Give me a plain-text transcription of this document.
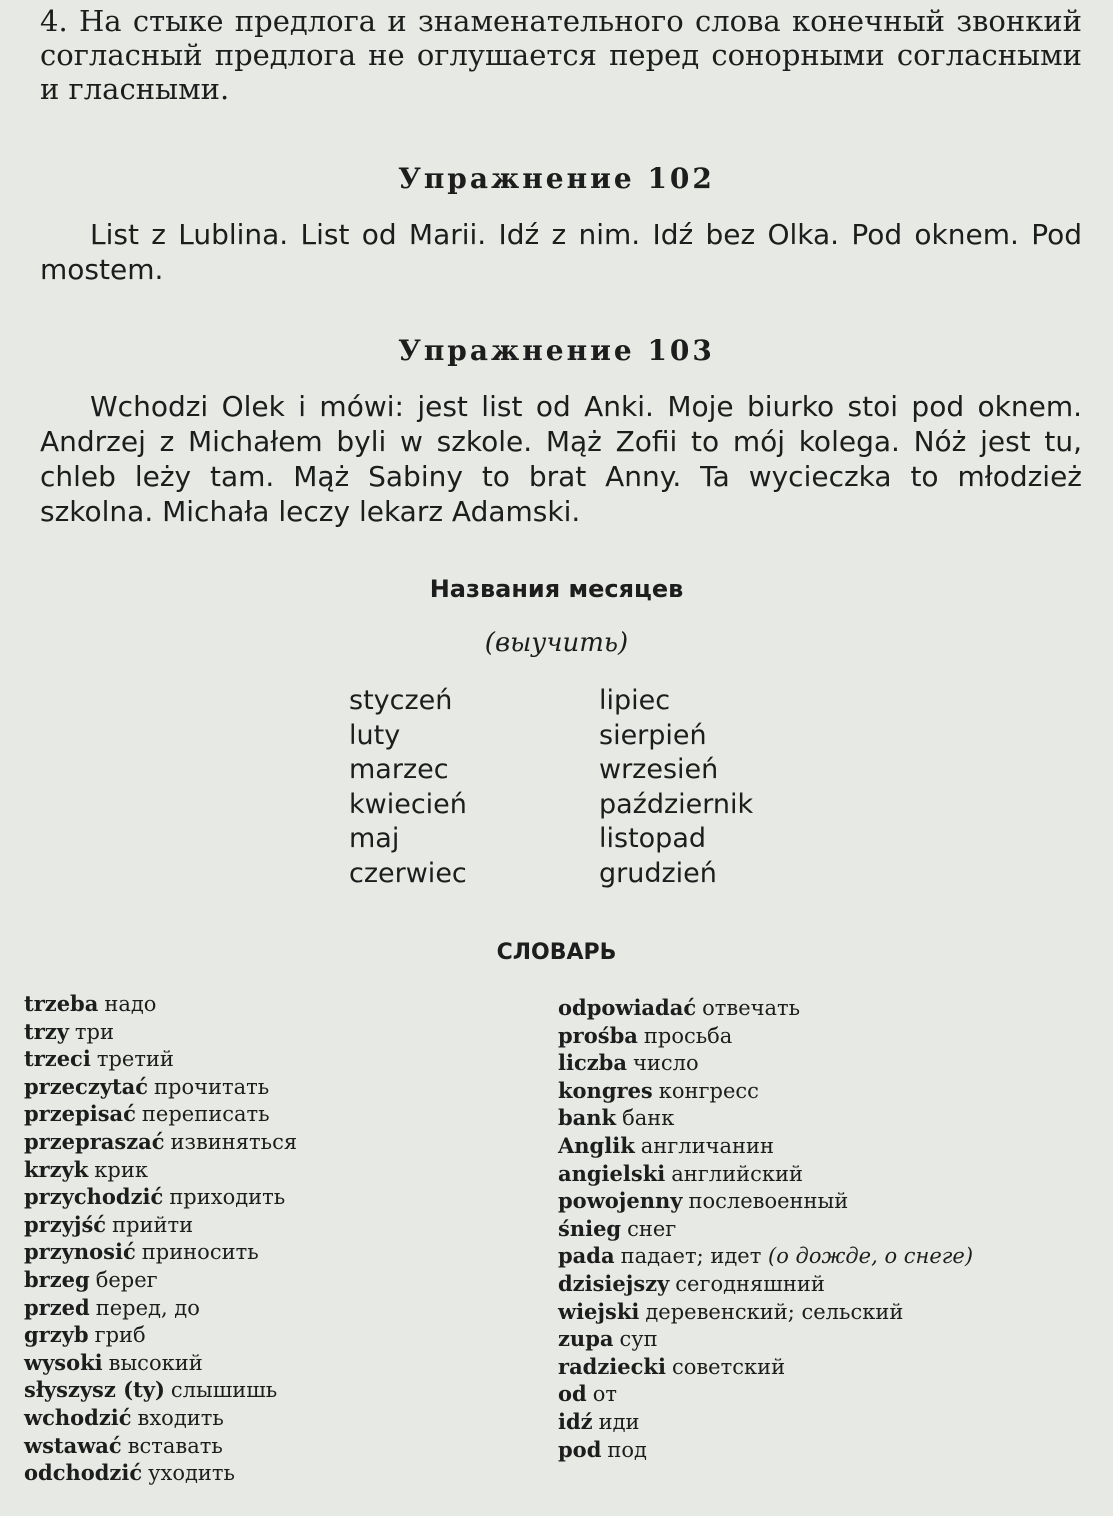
4. На стыке предлога и знаменательного слова конечный звонкий согласный предлога не оглушается перед сонорными согласными и гласными.

Упражнение 102

List z Lublina. List od Marii. Idź z nim. Idź bez Olka. Pod oknem. Pod mostem.

Упражнение 103

Wchodzi Olek i mówi: jest list od Anki. Moje biurko stoi pod oknem. Andrzej z Michałem byli w szkole. Mąż Zofii to mój kolega. Nóż jest tu, chleb leży tam. Mąż Sabiny to brat Anny. Ta wycieczka to młodzież szkolna. Michała leczy lekarz Adamski.

Названия месяцев

(выучить)

styczeń
luty
marzec
kwiecień
maj
czerwiec
lipiec
sierpień
wrzesień
październik
listopad
grudzień
СЛОВАРЬ
trzeba надо
trzy три
trzeci третий
przeczytać прочитать
przepisać переписать
przepraszać извиняться
krzyk крик
przychodzić приходить
przyjść прийти
przynosić приносить
brzeg берег
przed перед, до
grzyb гриб
wysoki высокий
słyszysz (ty) слышишь
wchodzić входить
wstawać вставать
odchodzić уходить
odpowiadać отвечать
prośba просьба
liczba число
kongres конгресс
bank банк
Anglik англичанин
angielski английский
powojenny послевоенный
śnieg снег
pada падает; идет (о дожде, о снеге)
dzisiejszy сегодняшний
wiejski деревенский; сельский
zupa суп
radziecki советский
od от
idź иди
pod под
